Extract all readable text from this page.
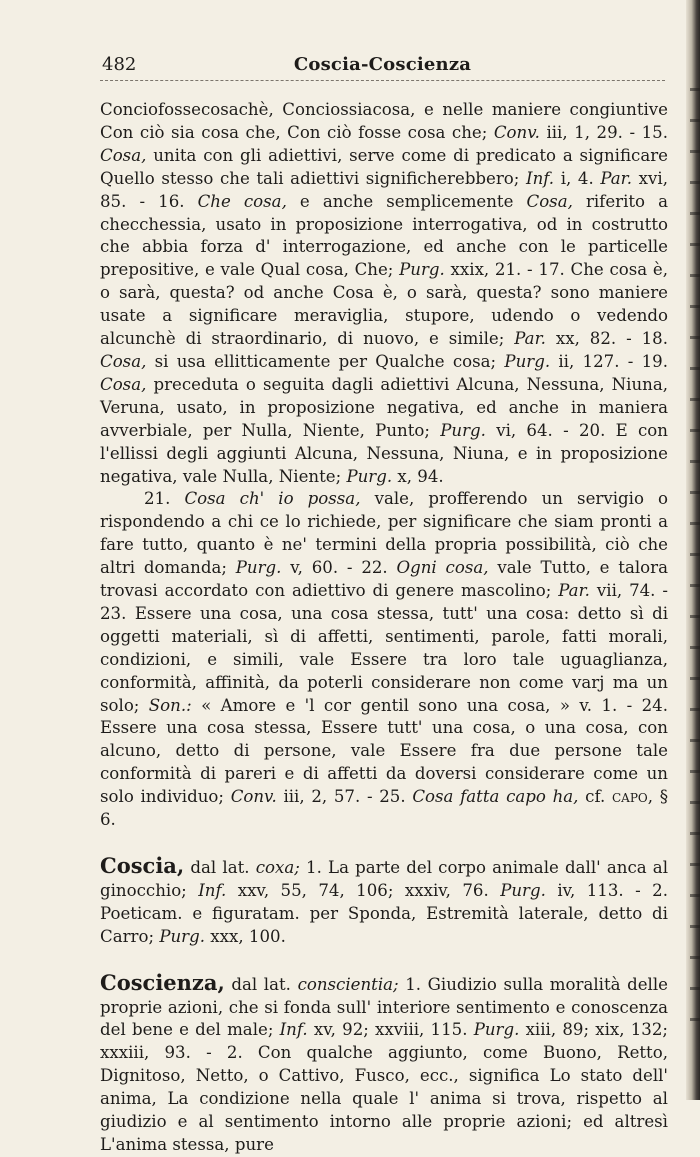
482	Coscia-Coscienza

Conciofossecosachè, Conciossiacosa, e nelle maniere congiuntive Con ciò sia cosa che, Con ciò fosse cosa che; Conv. iii, 1, 29. - 15. Cosa, unita con gli adiettivi, serve come di predicato a significare Quello stesso che tali adiettivi significherebbero; Inf. i, 4. Par. xvi, 85. - 16. Che cosa, e anche semplicemente Cosa, riferito a checchessia, usato in proposizione interrogativa, od in costrutto che abbia forza d' interrogazione, ed anche con le particelle prepositive, e vale Qual cosa, Che; Purg. xxix, 21. - 17. Che cosa è, o sarà, questa? od anche Cosa è, o sarà, questa? sono maniere usate a significare meraviglia, stupore, udendo o vedendo alcunchè di straordinario, di nuovo, e simile; Par. xx, 82. - 18. Cosa, si usa ellitticamente per Qualche cosa; Purg. ii, 127. - 19. Cosa, preceduta o seguita dagli adiettivi Alcuna, Nessuna, Niuna, Veruna, usato, in proposizione negativa, ed anche in maniera avverbiale, per Nulla, Niente, Punto; Purg. vi, 64. - 20. E con l'ellissi degli aggiunti Alcuna, Nessuna, Niuna, e in proposizione negativa, vale Nulla, Niente; Purg. x, 94.

21. Cosa ch' io possa, vale, profferendo un servigio o rispondendo a chi ce lo richiede, per significare che siam pronti a fare tutto, quanto è ne' termini della propria possibilità, ciò che altri domanda; Purg. v, 60. - 22. Ogni cosa, vale Tutto, e talora trovasi accordato con adiettivo di genere mascolino; Par. vii, 74. - 23. Essere una cosa, una cosa stessa, tutt' una cosa: detto sì di oggetti materiali, sì di affetti, sentimenti, parole, fatti morali, condizioni, e simili, vale Essere tra loro tale uguaglianza, conformità, affinità, da poterli considerare non come varj ma un solo; Son.: « Amore e 'l cor gentil sono una cosa, » v. 1. - 24. Essere una cosa stessa, Essere tutt' una cosa, o una cosa, con alcuno, detto di persone, vale Essere fra due persone tale conformità di pareri e di affetti da doversi considerare come un solo individuo; Conv. iii, 2, 57. - 25. Cosa fatta capo ha, cf. capo, § 6.

Coscia, dal lat. coxa; 1. La parte del corpo animale dall' anca al ginocchio; Inf. xxv, 55, 74, 106; xxxiv, 76. Purg. iv, 113. - 2. Poeticam. e figuratam. per Sponda, Estremità laterale, detto di Carro; Purg. xxx, 100.

Coscienza, dal lat. conscientia; 1. Giudizio sulla moralità delle proprie azioni, che si fonda sull' interiore sentimento e conoscenza del bene e del male; Inf. xv, 92; xxviii, 115. Purg. xiii, 89; xix, 132; xxxiii, 93. - 2. Con qualche aggiunto, come Buono, Retto, Dignitoso, Netto, o Cattivo, Fusco, ecc., significa Lo stato dell' anima, La condizione nella quale l' anima si trova, rispetto al giudizio e al sentimento intorno alle proprie azioni; ed altresì L'anima stessa, pure
